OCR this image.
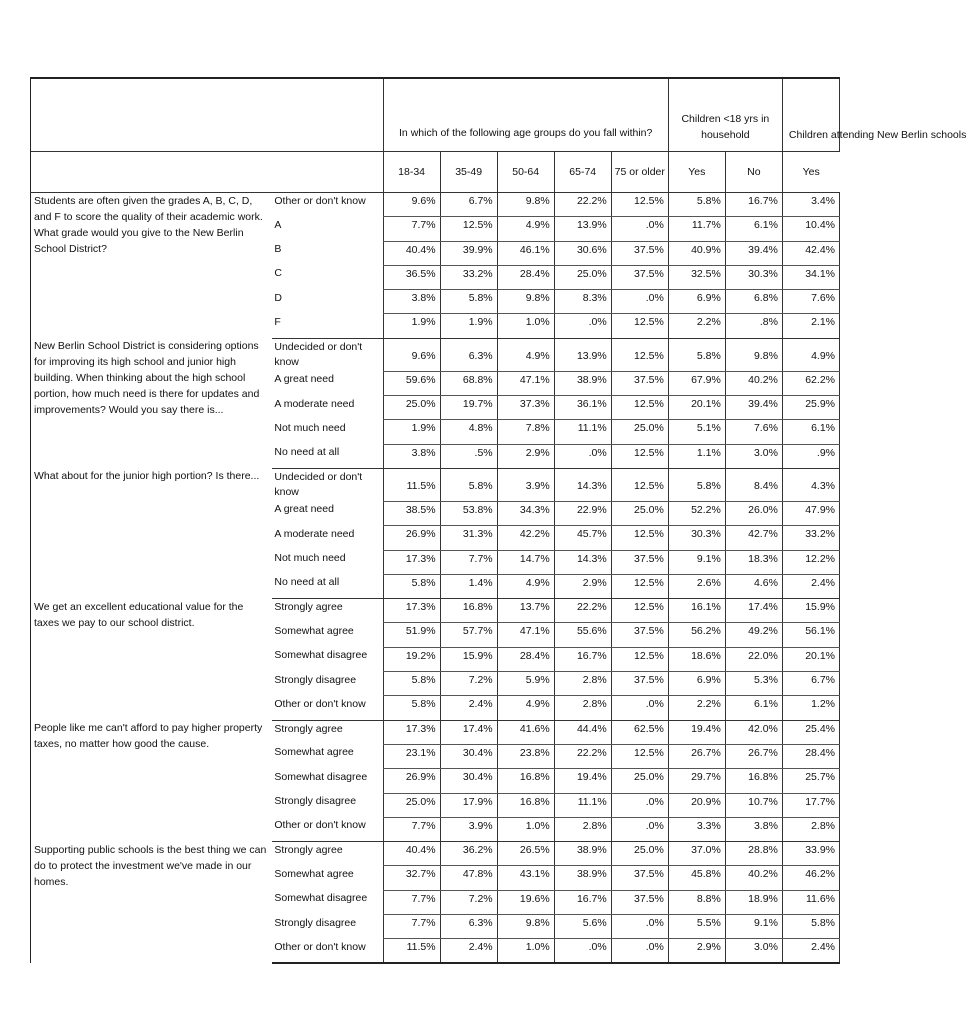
		In which of the following age groups do you fall within?					Children <18 yrs in household		Children attending New Berlin schools
		18-34	35-49	50-64	65-74	75 or older	Yes	No	Yes
Students are often given the grades A, B, C, D, and F to score the quality of their academic work. What grade would you give to the New Berlin School District?	Other or don't know	9.6%	6.7%	9.8%	22.2%	12.5%	5.8%	16.7%	3.4%
	A	7.7%	12.5%	4.9%	13.9%	.0%	11.7%	6.1%	10.4%
	B	40.4%	39.9%	46.1%	30.6%	37.5%	40.9%	39.4%	42.4%
	C	36.5%	33.2%	28.4%	25.0%	37.5%	32.5%	30.3%	34.1%
	D	3.8%	5.8%	9.8%	8.3%	.0%	6.9%	6.8%	7.6%
	F	1.9%	1.9%	1.0%	.0%	12.5%	2.2%	.8%	2.1%
New Berlin School District is considering options for improving its high school and junior high building. When thinking about the high school portion, how much need is there for updates and improvements? Would you say there is...	Undecided or don't know	9.6%	6.3%	4.9%	13.9%	12.5%	5.8%	9.8%	4.9%
	A great need	59.6%	68.8%	47.1%	38.9%	37.5%	67.9%	40.2%	62.2%
	A moderate need	25.0%	19.7%	37.3%	36.1%	12.5%	20.1%	39.4%	25.9%
	Not much need	1.9%	4.8%	7.8%	11.1%	25.0%	5.1%	7.6%	6.1%
	No need at all	3.8%	.5%	2.9%	.0%	12.5%	1.1%	3.0%	.9%
What about for the junior high portion? Is there...	Undecided or don't know	11.5%	5.8%	3.9%	14.3%	12.5%	5.8%	8.4%	4.3%
	A great need	38.5%	53.8%	34.3%	22.9%	25.0%	52.2%	26.0%	47.9%
	A moderate need	26.9%	31.3%	42.2%	45.7%	12.5%	30.3%	42.7%	33.2%
	Not much need	17.3%	7.7%	14.7%	14.3%	37.5%	9.1%	18.3%	12.2%
	No need at all	5.8%	1.4%	4.9%	2.9%	12.5%	2.6%	4.6%	2.4%
We get an excellent educational value for the taxes we pay to our school district.	Strongly agree	17.3%	16.8%	13.7%	22.2%	12.5%	16.1%	17.4%	15.9%
	Somewhat agree	51.9%	57.7%	47.1%	55.6%	37.5%	56.2%	49.2%	56.1%
	Somewhat disagree	19.2%	15.9%	28.4%	16.7%	12.5%	18.6%	22.0%	20.1%
	Strongly disagree	5.8%	7.2%	5.9%	2.8%	37.5%	6.9%	5.3%	6.7%
	Other or don't know	5.8%	2.4%	4.9%	2.8%	.0%	2.2%	6.1%	1.2%
People like me can't afford to pay higher property taxes, no matter how good the cause.	Strongly agree	17.3%	17.4%	41.6%	44.4%	62.5%	19.4%	42.0%	25.4%
	Somewhat agree	23.1%	30.4%	23.8%	22.2%	12.5%	26.7%	26.7%	28.4%
	Somewhat disagree	26.9%	30.4%	16.8%	19.4%	25.0%	29.7%	16.8%	25.7%
	Strongly disagree	25.0%	17.9%	16.8%	11.1%	.0%	20.9%	10.7%	17.7%
	Other or don't know	7.7%	3.9%	1.0%	2.8%	.0%	3.3%	3.8%	2.8%
Supporting public schools is the best thing we can do to protect the investment we've made in our homes.	Strongly agree	40.4%	36.2%	26.5%	38.9%	25.0%	37.0%	28.8%	33.9%
	Somewhat agree	32.7%	47.8%	43.1%	38.9%	37.5%	45.8%	40.2%	46.2%
	Somewhat disagree	7.7%	7.2%	19.6%	16.7%	37.5%	8.8%	18.9%	11.6%
	Strongly disagree	7.7%	6.3%	9.8%	5.6%	.0%	5.5%	9.1%	5.8%
	Other or don't know	11.5%	2.4%	1.0%	.0%	.0%	2.9%	3.0%	2.4%
